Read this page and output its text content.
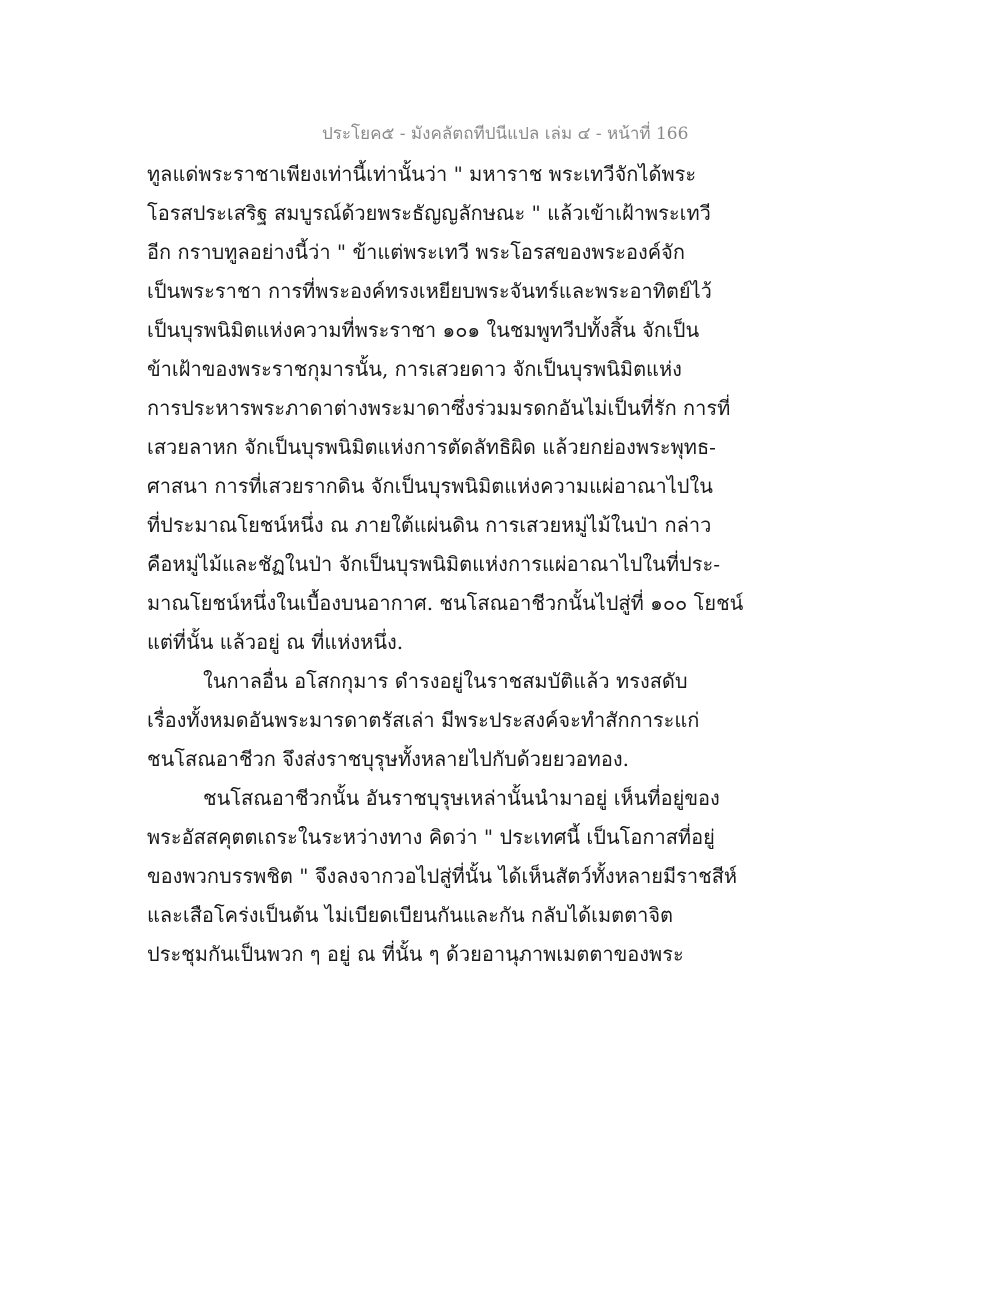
ประโยค๕ - มังคลัตถทีปนีแปล เล่ม ๔ - หน้าที่ 166
ทูลแด่พระราชาเพียงเท่านี้เท่านั้นว่า " มหาราช พระเทวีจักได้พระ
โอรสประเสริฐ สมบูรณ์ด้วยพระธัญญลักษณะ " แล้วเข้าเฝ้าพระเทวี
อีก กราบทูลอย่างนี้ว่า " ข้าแต่พระเทวี พระโอรสของพระองค์จัก
เป็นพระราชา การที่พระองค์ทรงเหยียบพระจันทร์และพระอาทิตย์ไว้
เป็นบุรพนิมิตแห่งความที่พระราชา ๑๐๑ ในชมพูทวีปทั้งสิ้น จักเป็น
ข้าเฝ้าของพระราชกุมารนั้น, การเสวยดาว จักเป็นบุรพนิมิตแห่ง
การประหารพระภาดาต่างพระมาดาซึ่งร่วมมรดกอันไม่เป็นที่รัก การที่
เสวยลาหก จักเป็นบุรพนิมิตแห่งการตัดลัทธิผิด แล้วยกย่องพระพุทธ-
ศาสนา การที่เสวยรากดิน จักเป็นบุรพนิมิตแห่งความแผ่อาณาไปใน
ที่ประมาณโยชน์หนึ่ง ณ ภายใต้แผ่นดิน การเสวยหมู่ไม้ในป่า กล่าว
คือหมู่ไม้และชัฏในป่า จักเป็นบุรพนิมิตแห่งการแผ่อาณาไปในที่ประ-
มาณโยชน์หนึ่งในเบื้องบนอากาศ. ชนโสณอาชีวกนั้นไปสู่ที่ ๑๐๐ โยชน์
แต่ที่นั้น แล้วอยู่ ณ ที่แห่งหนึ่ง.
ในกาลอื่น อโสกกุมาร ดำรงอยู่ในราชสมบัติแล้ว ทรงสดับ
เรื่องทั้งหมดอันพระมารดาตรัสเล่า มีพระประสงค์จะทำสักการะแก่
ชนโสณอาชีวก จึงส่งราชบุรุษทั้งหลายไปกับด้วยยวอทอง.
ชนโสณอาชีวกนั้น อันราชบุรุษเหล่านั้นนำมาอยู่ เห็นที่อยู่ของ
พระอัสสคุตตเถระในระหว่างทาง คิดว่า " ประเทศนี้ เป็นโอกาสที่อยู่
ของพวกบรรพชิต " จึงลงจากวอไปสู่ที่นั้น ได้เห็นสัตว์ทั้งหลายมีราชสีห์
และเสือโคร่งเป็นต้น ไม่เบียดเบียนกันและกัน กลับได้เมตตาจิต
ประชุมกันเป็นพวก ๆ อยู่ ณ ที่นั้น ๆ ด้วยอานุภาพเมตตาของพระ
